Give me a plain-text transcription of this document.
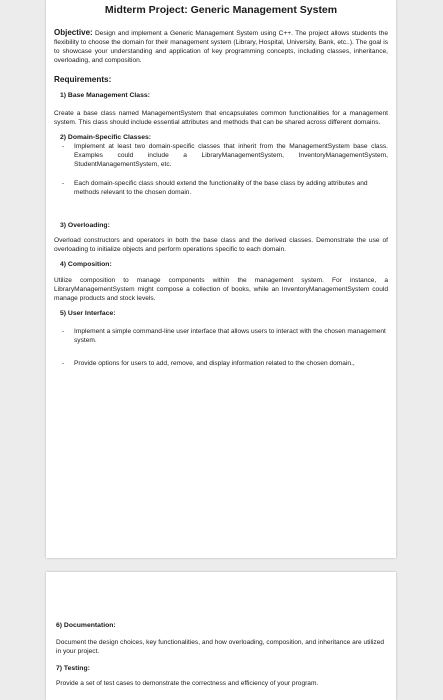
Midterm Project: Generic Management System

Objective: Design and implement a Generic Management System using C++. The project allows students the flexibility to choose the domain for their management system (Library, Hospital, University, Bank, etc..). The goal is to showcase your understanding and application of key programming concepts, including classes, inheritance, overloading, and composition.

Requirements:
1) Base Management Class:

Create a base class named ManagementSystem that encapsulates common functionalities for a management system. This class should include essential attributes and methods that can be shared across different domains.

2) Domain-Specific Classes:
- Implement at least two domain-specific classes that inherit from the ManagementSystem base class. Examples could include a LibraryManagementSystem, InventoryManagementSystem, StudentManagementSystem, etc.
- Each domain-specific class should extend the functionality of the base class by adding attributes and methods relevant to the chosen domain.
3) Overloading:

Overload constructors and operators in both the base class and the derived classes. Demonstrate the use of overloading to initialize objects and perform operations specific to each domain.

4) Composition:

Utilize composition to manage components within the management system. For instance, a LibraryManagementSystem might compose a collection of books, while an InventoryManagementSystem could manage products and stock levels.

5) User Interface:
- Implement a simple command-line user interface that allows users to interact with the chosen management system.
- Provide options for users to add, remove, and display information related to the chosen domain.,
6) Documentation:

Document the design choices, key functionalities, and how overloading, composition, and inheritance are utilized in your project.

7) Testing:

Provide a set of test cases to demonstrate the correctness and efficiency of your program.
